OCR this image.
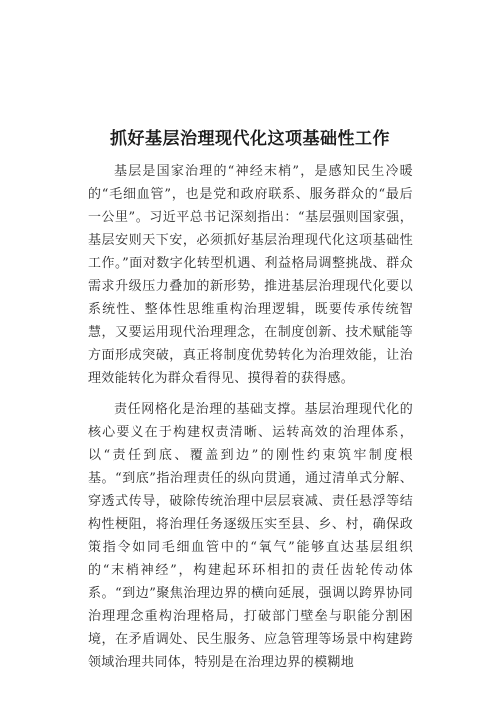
抓好基层治理现代化这项基础性工作

基层是国家治理的“神经末梢”，是感知民生冷暖的“毛细血管”，也是党和政府联系、服务群众的“最后一公里”。习近平总书记深刻指出：“基层强则国家强，基层安则天下安，必须抓好基层治理现代化这项基础性工作。”面对数字化转型机遇、利益格局调整挑战、群众需求升级压力叠加的新形势，推进基层治理现代化要以系统性、整体性思维重构治理逻辑，既要传承传统智慧，又要运用现代治理理念，在制度创新、技术赋能等方面形成突破，真正将制度优势转化为治理效能，让治理效能转化为群众看得见、摸得着的获得感。

责任网格化是治理的基础支撑。基层治理现代化的核心要义在于构建权责清晰、运转高效的治理体系，以“责任到底、覆盖到边”的刚性约束筑牢制度根基。“到底”指治理责任的纵向贯通，通过清单式分解、穿透式传导，破除传统治理中层层衰减、责任悬浮等结构性梗阻，将治理任务逐级压实至县、乡、村，确保政策指令如同毛细血管中的“氧气”能够直达基层组织的“末梢神经”，构建起环环相扣的责任齿轮传动体系。“到边”聚焦治理边界的横向延展，强调以跨界协同治理理念重构治理格局，打破部门壁垒与职能分割困境，在矛盾调处、民生服务、应急管理等场景中构建跨领域治理共同体，特别是在治理边界的模糊地
